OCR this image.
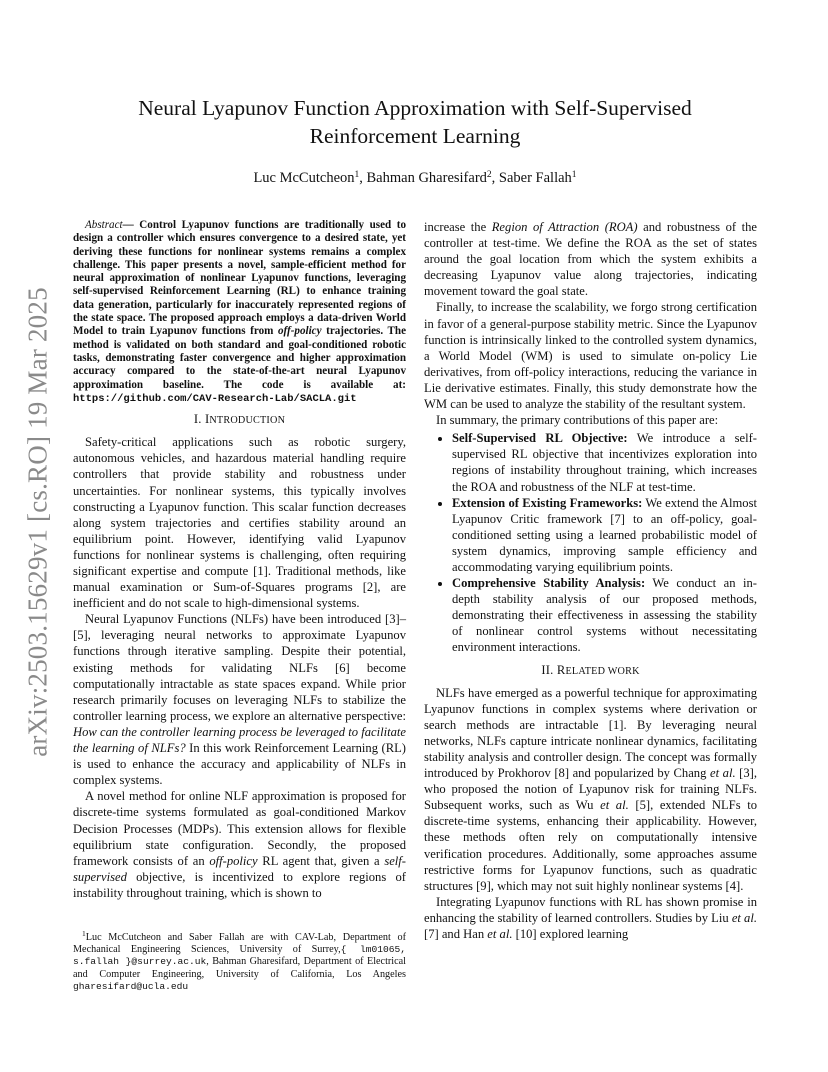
arXiv:2503.15629v1 [cs.RO] 19 Mar 2025
Neural Lyapunov Function Approximation with Self-Supervised
Reinforcement Learning
Luc McCutcheon$^1$, Bahman Gharesifard$^2$, Saber Fallah$^1$

Abstract— Control Lyapunov functions are traditionally used to design a controller which ensures convergence to a desired state, yet deriving these functions for nonlinear systems remains a complex challenge. This paper presents a novel, sample-efficient method for neural approximation of nonlinear Lyapunov functions, leveraging self-supervised Reinforcement Learning (RL) to enhance training data generation, particularly for inaccurately represented regions of the state space. The proposed approach employs a data-driven World Model to train Lyapunov functions from off-policy trajectories. The method is validated on both standard and goal-conditioned robotic tasks, demonstrating faster convergence and higher approximation accuracy compared to the state-of-the-art neural Lyapunov approximation baseline. The code is available at: https://github.com/CAV-Research-Lab/SACLA.git

I. INTRODUCTION

Safety-critical applications such as robotic surgery, autonomous vehicles, and hazardous material handling require controllers that provide stability and robustness under uncertainties. For nonlinear systems, this typically involves constructing a Lyapunov function. This scalar function decreases along system trajectories and certifies stability around an equilibrium point. However, identifying valid Lyapunov functions for nonlinear systems is challenging, often requiring significant expertise and compute [1]. Traditional methods, like manual examination or Sum-of-Squares programs [2], are inefficient and do not scale to high-dimensional systems.

Neural Lyapunov Functions (NLFs) have been introduced [3]–[5], leveraging neural networks to approximate Lyapunov functions through iterative sampling. Despite their potential, existing methods for validating NLFs [6] become computationally intractable as state spaces expand. While prior research primarily focuses on leveraging NLFs to stabilize the controller learning process, we explore an alternative perspective: How can the controller learning process be leveraged to facilitate the learning of NLFs? In this work Reinforcement Learning (RL) is used to enhance the accuracy and applicability of NLFs in complex systems.

A novel method for online NLF approximation is proposed for discrete-time systems formulated as goal-conditioned Markov Decision Processes (MDPs). This extension allows for flexible equilibrium state configuration. Secondly, the proposed framework consists of an off-policy RL agent that, given a self-supervised objective, is incentivized to explore regions of instability throughout training, which is shown to

$^1$Luc McCutcheon and Saber Fallah are with CAV-Lab, Department of Mechanical Engineering Sciences, University of Surrey,{ lm01065, s.fallah }@surrey.ac.uk, Bahman Gharesifard, Department of Electrical and Computer Engineering, University of California, Los Angeles gharesifard@ucla.edu

increase the Region of Attraction (ROA) and robustness of the controller at test-time. We define the ROA as the set of states around the goal location from which the system exhibits a decreasing Lyapunov value along trajectories, indicating movement toward the goal state.

Finally, to increase the scalability, we forgo strong certification in favor of a general-purpose stability metric. Since the Lyapunov function is intrinsically linked to the controlled system dynamics, a World Model (WM) is used to simulate on-policy Lie derivatives, from off-policy interactions, reducing the variance in Lie derivative estimates. Finally, this study demonstrate how the WM can be used to analyze the stability of the resultant system.

In summary, the primary contributions of this paper are:

• Self-Supervised RL Objective: We introduce a self-supervised RL objective that incentivizes exploration into regions of instability throughout training, which increases the ROA and robustness of the NLF at test-time.
• Extension of Existing Frameworks: We extend the Almost Lyapunov Critic framework [7] to an off-policy, goal-conditioned setting using a learned probabilistic model of system dynamics, improving sample efficiency and accommodating varying equilibrium points.
• Comprehensive Stability Analysis: We conduct an in-depth stability analysis of our proposed methods, demonstrating their effectiveness in assessing the stability of nonlinear control systems without necessitating environment interactions.
II. RELATED WORK

NLFs have emerged as a powerful technique for approximating Lyapunov functions in complex systems where derivation or search methods are intractable [1]. By leveraging neural networks, NLFs capture intricate nonlinear dynamics, facilitating stability analysis and controller design. The concept was formally introduced by Prokhorov [8] and popularized by Chang et al. [3], who proposed the notion of Lyapunov risk for training NLFs. Subsequent works, such as Wu et al. [5], extended NLFs to discrete-time systems, enhancing their applicability. However, these methods often rely on computationally intensive verification procedures. Additionally, some approaches assume restrictive forms for Lyapunov functions, such as quadratic structures [9], which may not suit highly nonlinear systems [4].

Integrating Lyapunov functions with RL has shown promise in enhancing the stability of learned controllers. Studies by Liu et al. [7] and Han et al. [10] explored learning
